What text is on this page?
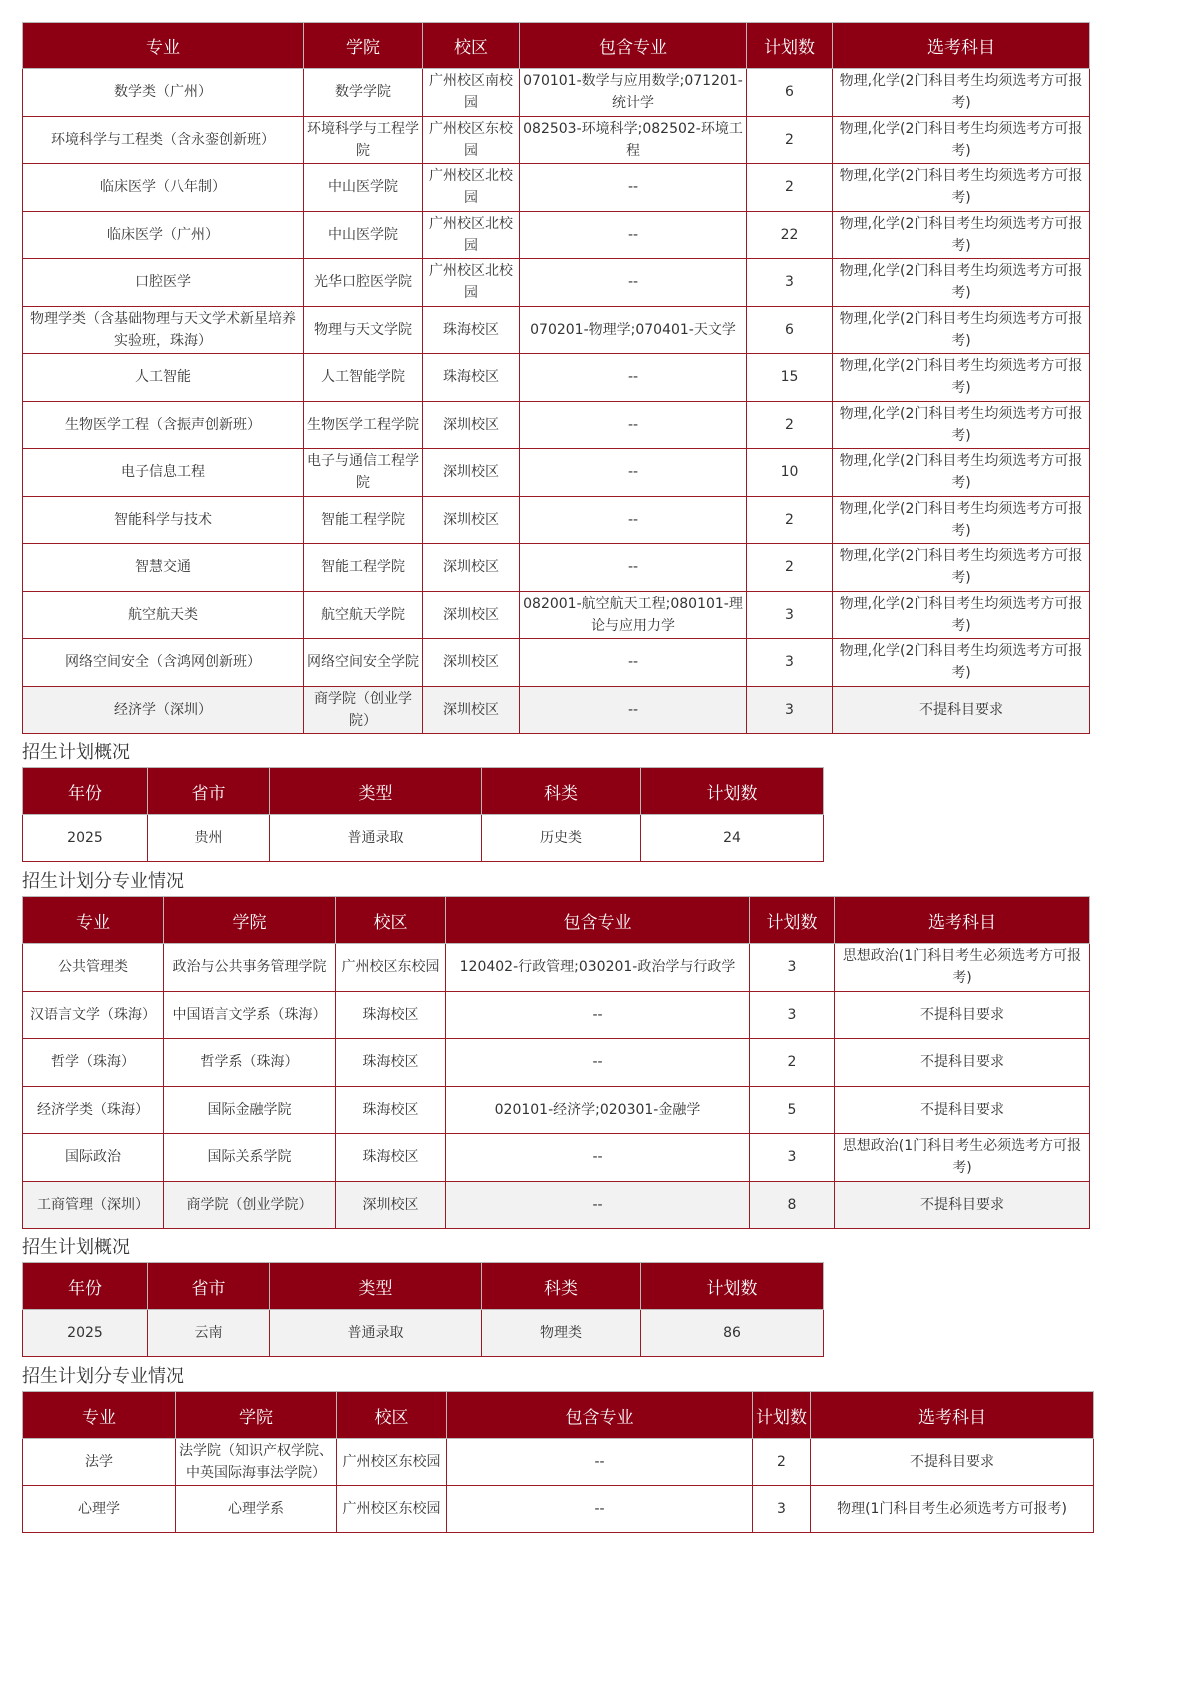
专业	学院	校区	包含专业	计划数	选考科目
数学类（广州）	数学学院	广州校区南校园	070101-数学与应用数学;071201-统计学	6	物理,化学(2门科目考生均须选考方可报考)
环境科学与工程类（含永銮创新班）	环境科学与工程学院	广州校区东校园	082503-环境科学;082502-环境工程	2	物理,化学(2门科目考生均须选考方可报考)
临床医学（八年制）	中山医学院	广州校区北校园	--	2	物理,化学(2门科目考生均须选考方可报考)
临床医学（广州）	中山医学院	广州校区北校园	--	22	物理,化学(2门科目考生均须选考方可报考)
口腔医学	光华口腔医学院	广州校区北校园	--	3	物理,化学(2门科目考生均须选考方可报考)
物理学类（含基础物理与天文学术新星培养实验班，珠海）	物理与天文学院	珠海校区	070201-物理学;070401-天文学	6	物理,化学(2门科目考生均须选考方可报考)
人工智能	人工智能学院	珠海校区	--	15	物理,化学(2门科目考生均须选考方可报考)
生物医学工程（含振声创新班）	生物医学工程学院	深圳校区	--	2	物理,化学(2门科目考生均须选考方可报考)
电子信息工程	电子与通信工程学院	深圳校区	--	10	物理,化学(2门科目考生均须选考方可报考)
智能科学与技术	智能工程学院	深圳校区	--	2	物理,化学(2门科目考生均须选考方可报考)
智慧交通	智能工程学院	深圳校区	--	2	物理,化学(2门科目考生均须选考方可报考)
航空航天类	航空航天学院	深圳校区	082001-航空航天工程;080101-理论与应用力学	3	物理,化学(2门科目考生均须选考方可报考)
网络空间安全（含鸿网创新班）	网络空间安全学院	深圳校区	--	3	物理,化学(2门科目考生均须选考方可报考)
经济学（深圳）	商学院（创业学院）	深圳校区	--	3	不提科目要求
招生计划概况
年份	省市	类型	科类	计划数
2025	贵州	普通录取	历史类	24
招生计划分专业情况
专业	学院	校区	包含专业	计划数	选考科目
公共管理类	政治与公共事务管理学院	广州校区东校园	120402-行政管理;030201-政治学与行政学	3	思想政治(1门科目考生必须选考方可报考)
汉语言文学（珠海）	中国语言文学系（珠海）	珠海校区	--	3	不提科目要求
哲学（珠海）	哲学系（珠海）	珠海校区	--	2	不提科目要求
经济学类（珠海）	国际金融学院	珠海校区	020101-经济学;020301-金融学	5	不提科目要求
国际政治	国际关系学院	珠海校区	--	3	思想政治(1门科目考生必须选考方可报考)
工商管理（深圳）	商学院（创业学院）	深圳校区	--	8	不提科目要求
招生计划概况
年份	省市	类型	科类	计划数
2025	云南	普通录取	物理类	86
招生计划分专业情况
专业	学院	校区	包含专业	计划数	选考科目
法学	法学院（知识产权学院、中英国际海事法学院）	广州校区东校园	--	2	不提科目要求
心理学	心理学系	广州校区东校园	--	3	物理(1门科目考生必须选考方可报考)
